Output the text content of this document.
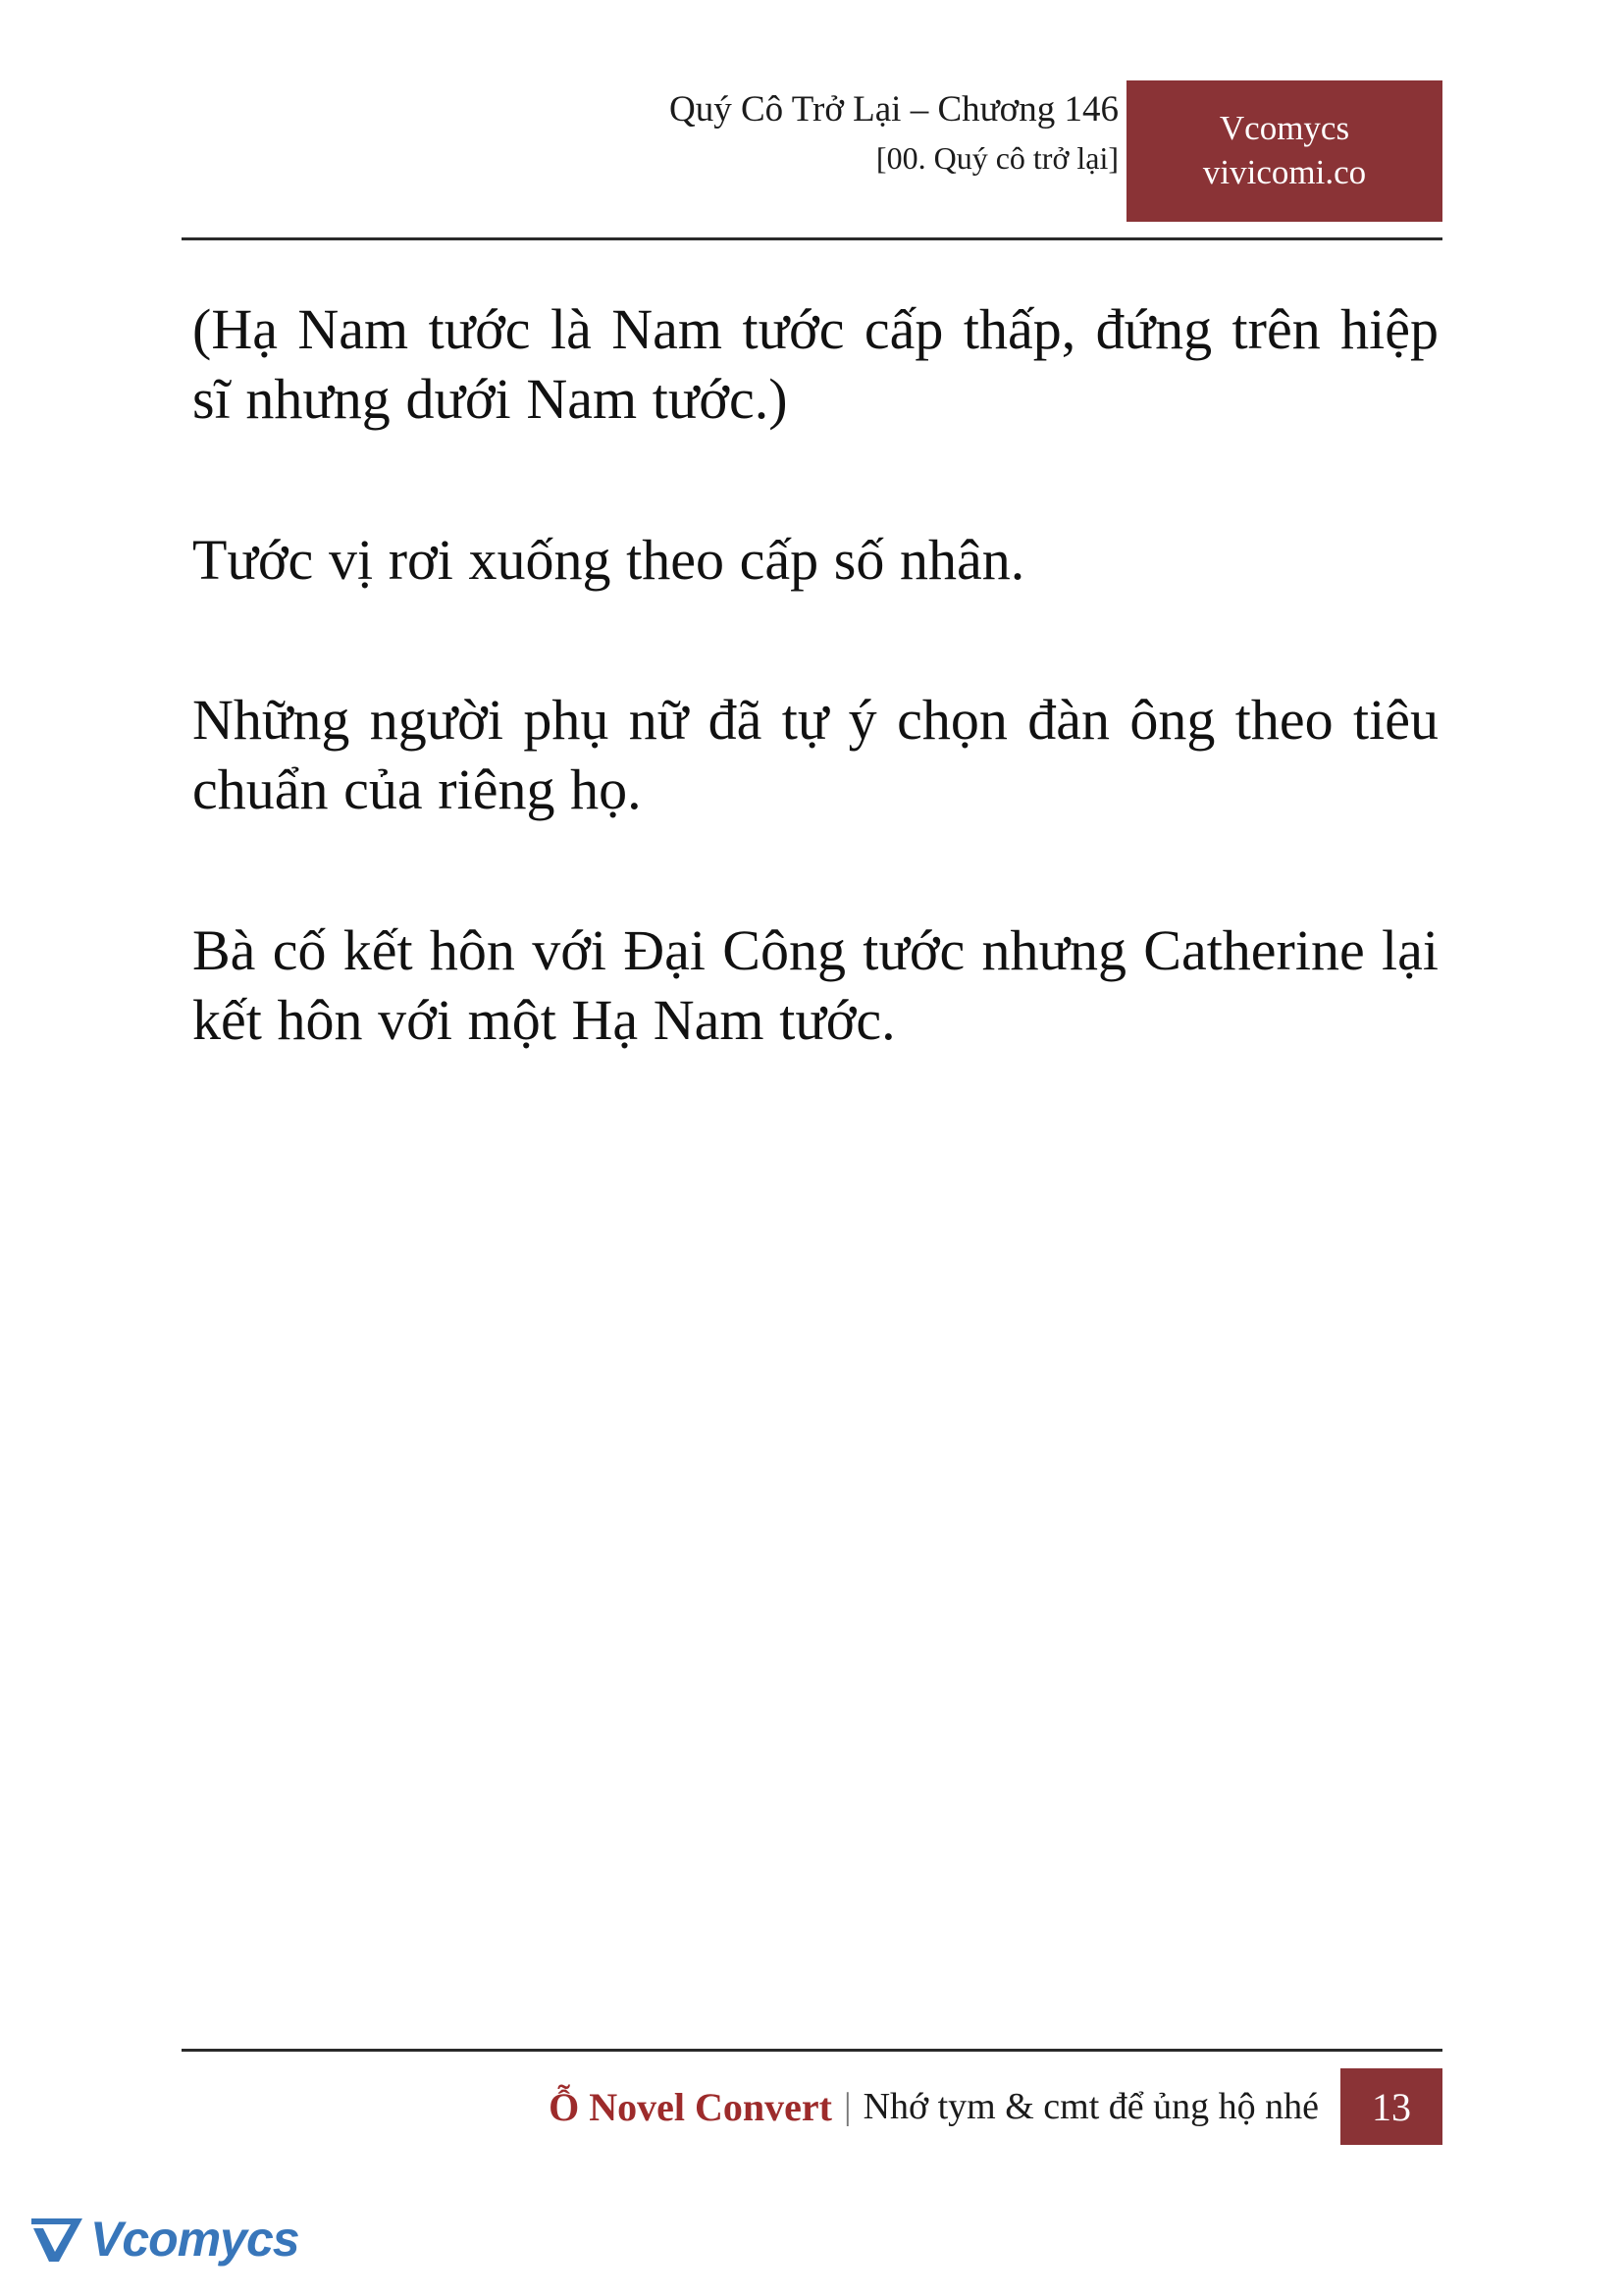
Quý Cô Trở Lại – Chương 146
[00. Quý cô trở lại]
Vcomycs
vivicomi.co

(Hạ Nam tước là Nam tước cấp thấp, đứng trên hiệp sĩ nhưng dưới Nam tước.)

Tước vị rơi xuống theo cấp số nhân.

Những người phụ nữ đã tự ý chọn đàn ông theo tiêu chuẩn của riêng họ.

Bà cố kết hôn với Đại Công tước nhưng Catherine lại kết hôn với một Hạ Nam tước.

Ỗ Novel Convert | Nhớ tym & cmt để ủng hộ nhé	13
Vcomycs
